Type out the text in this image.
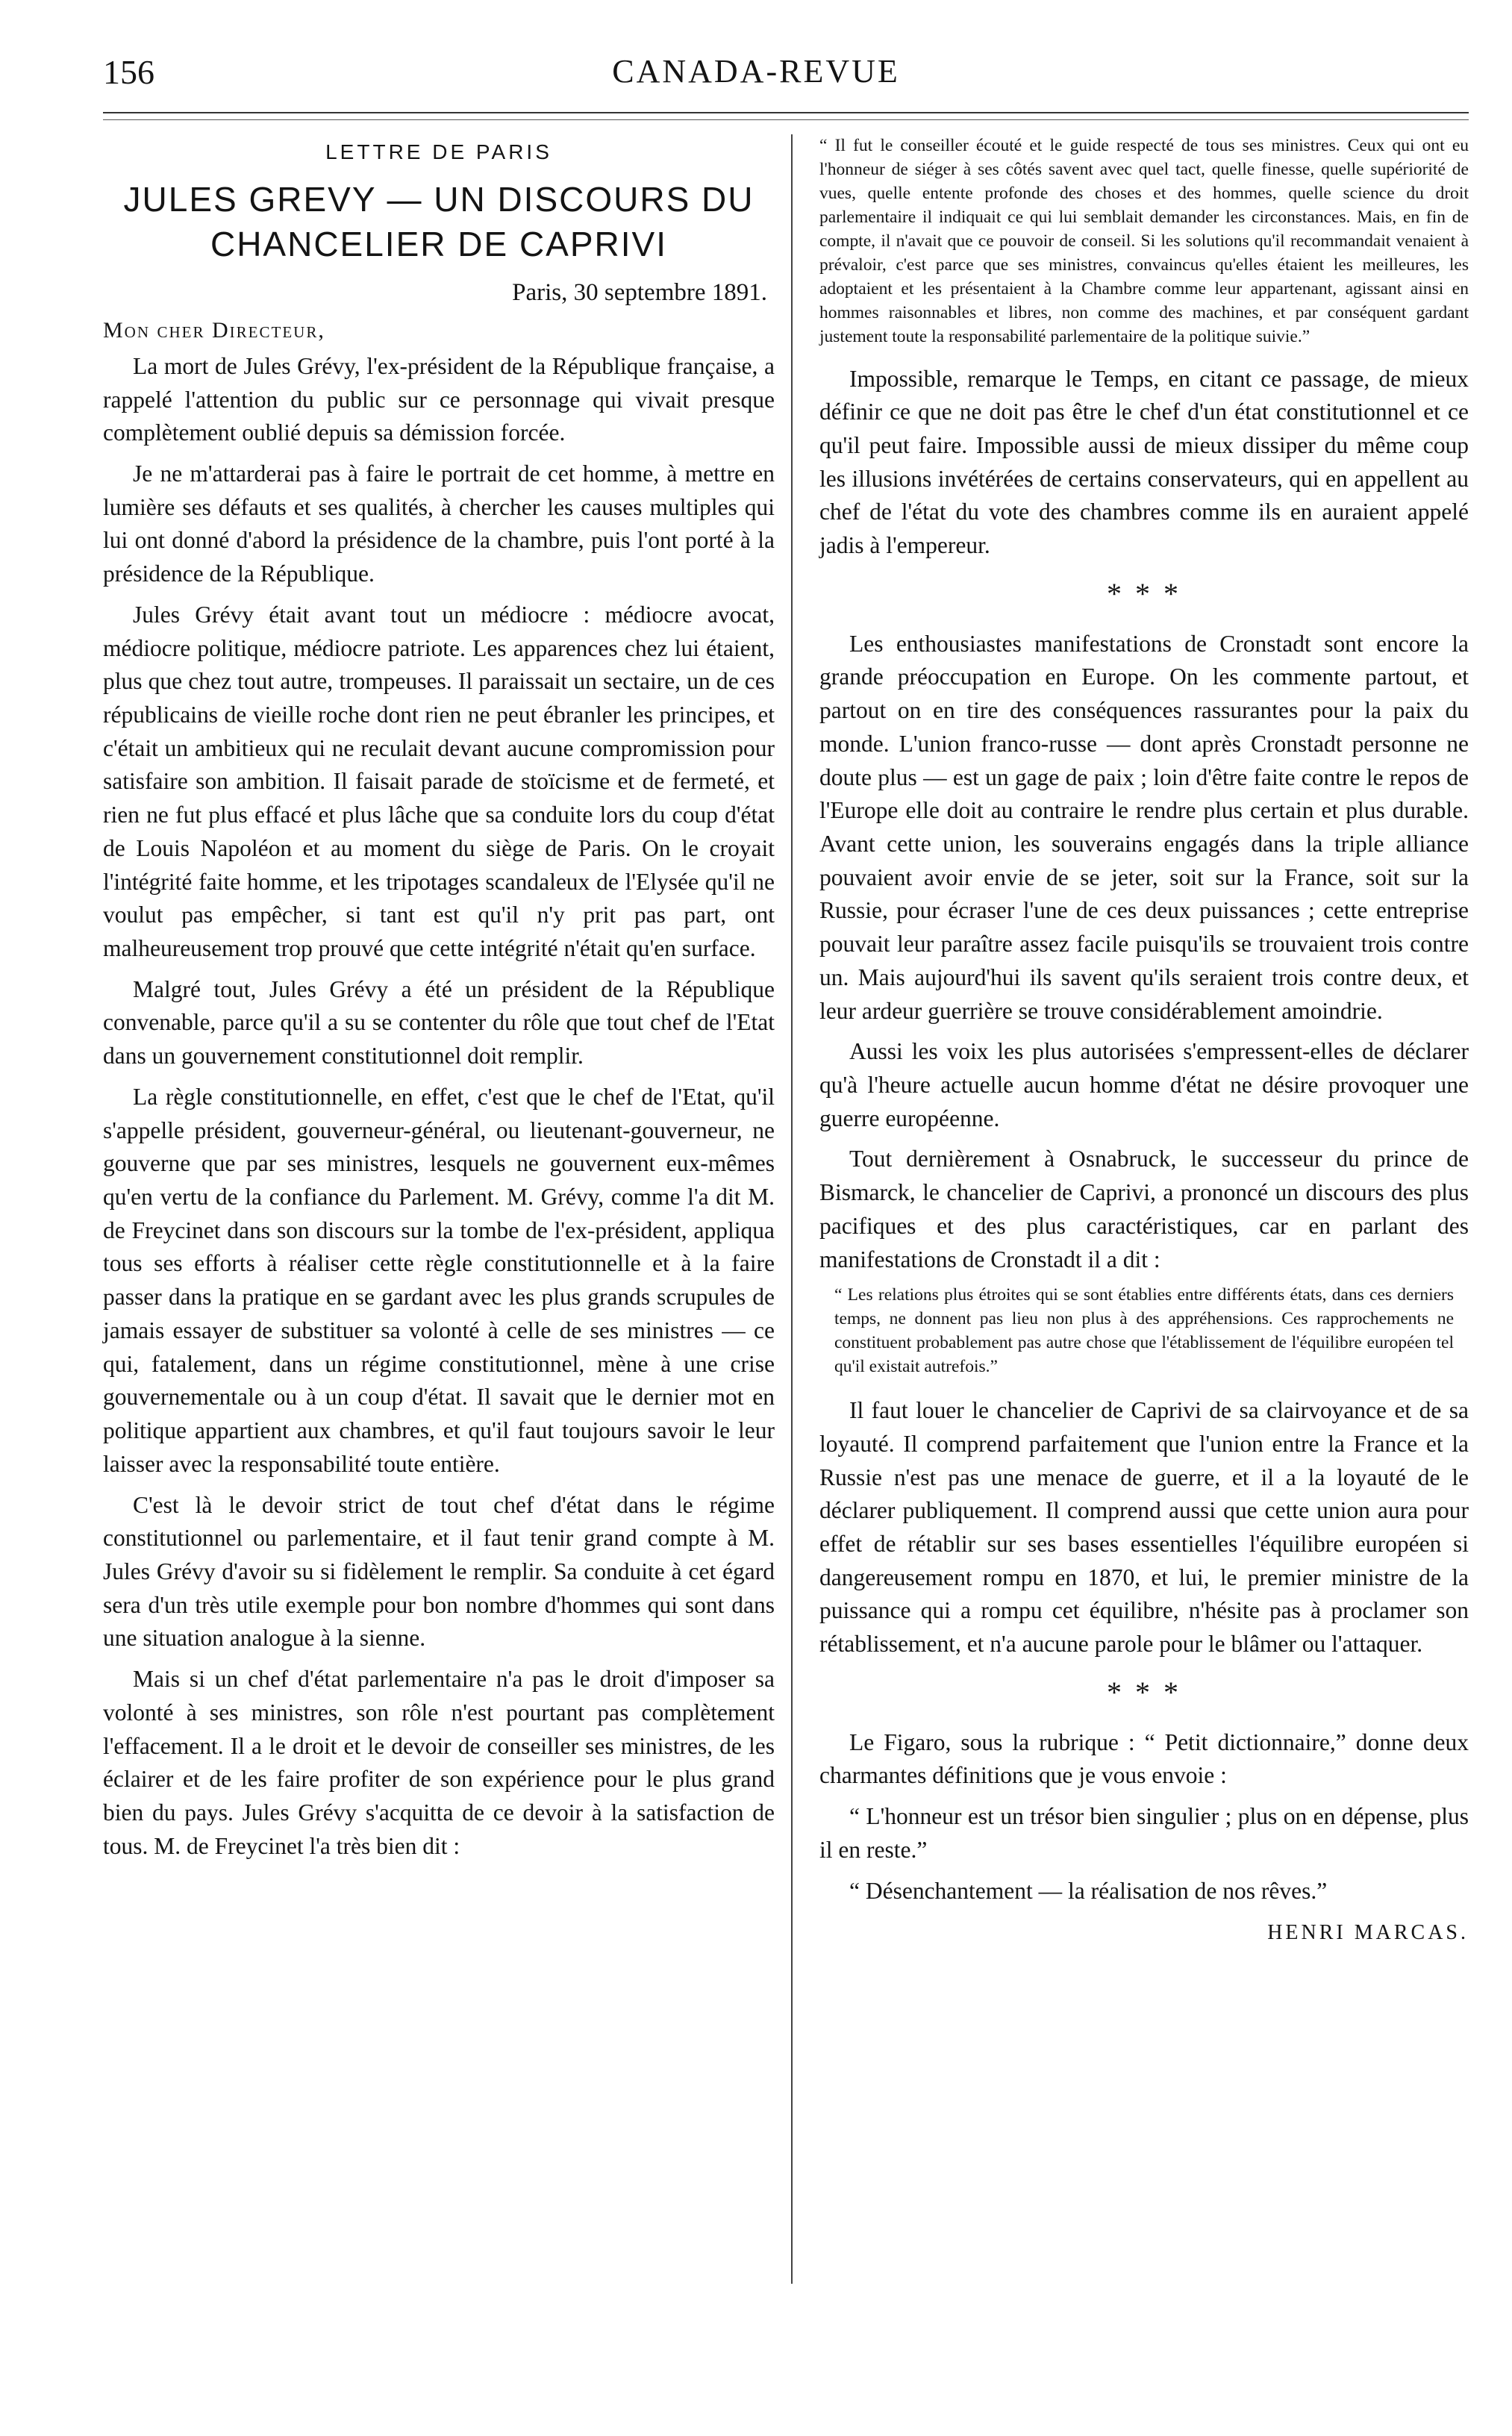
156	CANADA-REVUE
LETTRE DE PARIS
JULES GREVY — UN DISCOURS DU CHANCELIER DE CAPRIVI
Paris, 30 septembre 1891.
Mon cher Directeur,

La mort de Jules Grévy, l'ex-président de la République française, a rappelé l'attention du public sur ce personnage qui vivait presque complètement oublié depuis sa démission forcée.

Je ne m'attarderai pas à faire le portrait de cet homme, à mettre en lumière ses défauts et ses qualités, à chercher les causes multiples qui lui ont donné d'abord la présidence de la chambre, puis l'ont porté à la présidence de la République.

Jules Grévy était avant tout un médiocre : médiocre avocat, médiocre politique, médiocre patriote. Les apparences chez lui étaient, plus que chez tout autre, trompeuses. Il paraissait un sectaire, un de ces républicains de vieille roche dont rien ne peut ébranler les principes, et c'était un ambitieux qui ne reculait devant aucune compromission pour satisfaire son ambition. Il faisait parade de stoïcisme et de fermeté, et rien ne fut plus effacé et plus lâche que sa conduite lors du coup d'état de Louis Napoléon et au moment du siège de Paris. On le croyait l'intégrité faite homme, et les tripotages scandaleux de l'Elysée qu'il ne voulut pas empêcher, si tant est qu'il n'y prit pas part, ont malheureusement trop prouvé que cette intégrité n'était qu'en surface.

Malgré tout, Jules Grévy a été un président de la République convenable, parce qu'il a su se contenter du rôle que tout chef de l'Etat dans un gouvernement constitutionnel doit remplir.

La règle constitutionnelle, en effet, c'est que le chef de l'Etat, qu'il s'appelle président, gouverneur-général, ou lieutenant-gouverneur, ne gouverne que par ses ministres, lesquels ne gouvernent eux-mêmes qu'en vertu de la confiance du Parlement. M. Grévy, comme l'a dit M. de Freycinet dans son discours sur la tombe de l'ex-président, appliqua tous ses efforts à réaliser cette règle constitutionnelle et à la faire passer dans la pratique en se gardant avec les plus grands scrupules de jamais essayer de substituer sa volonté à celle de ses ministres — ce qui, fatalement, dans un régime constitutionnel, mène à une crise gouvernementale ou à un coup d'état. Il savait que le dernier mot en politique appartient aux chambres, et qu'il faut toujours savoir le leur laisser avec la responsabilité toute entière.

C'est là le devoir strict de tout chef d'état dans le régime constitutionnel ou parlementaire, et il faut tenir grand compte à M. Jules Grévy d'avoir su si fidèlement le remplir. Sa conduite à cet égard sera d'un très utile exemple pour bon nombre d'hommes qui sont dans une situation analogue à la sienne.

Mais si un chef d'état parlementaire n'a pas le droit d'imposer sa volonté à ses ministres, son rôle n'est pourtant pas complètement l'effacement. Il a le droit et le devoir de conseiller ses ministres, de les éclairer et de les faire profiter de son expérience pour le plus grand bien du pays. Jules Grévy s'acquitta de ce devoir à la satisfaction de tous. M. de Freycinet l'a très bien dit :

“ Il fut le conseiller écouté et le guide respecté de tous ses ministres. Ceux qui ont eu l'honneur de siéger à ses côtés savent avec quel tact, quelle finesse, quelle supériorité de vues, quelle entente profonde des choses et des hommes, quelle science du droit parlementaire il indiquait ce qui lui semblait demander les circonstances. Mais, en fin de compte, il n'avait que ce pouvoir de conseil. Si les solutions qu'il recommandait venaient à prévaloir, c'est parce que ses ministres, convaincus qu'elles étaient les meilleures, les adoptaient et les présentaient à la Chambre comme leur appartenant, agissant ainsi en hommes raisonnables et libres, non comme des machines, et par conséquent gardant justement toute la responsabilité parlementaire de la politique suivie.”

Impossible, remarque le Temps, en citant ce passage, de mieux définir ce que ne doit pas être le chef d'un état constitutionnel et ce qu'il peut faire. Impossible aussi de mieux dissiper du même coup les illusions invétérées de certains conservateurs, qui en appellent au chef de l'état du vote des chambres comme ils en auraient appelé jadis à l'empereur.

* * *

Les enthousiastes manifestations de Cronstadt sont encore la grande préoccupation en Europe. On les commente partout, et partout on en tire des conséquences rassurantes pour la paix du monde. L'union franco-russe — dont après Cronstadt personne ne doute plus — est un gage de paix ; loin d'être faite contre le repos de l'Europe elle doit au contraire le rendre plus certain et plus durable. Avant cette union, les souverains engagés dans la triple alliance pouvaient avoir envie de se jeter, soit sur la France, soit sur la Russie, pour écraser l'une de ces deux puissances ; cette entreprise pouvait leur paraître assez facile puisqu'ils se trouvaient trois contre un. Mais aujourd'hui ils savent qu'ils seraient trois contre deux, et leur ardeur guerrière se trouve considérablement amoindrie.

Aussi les voix les plus autorisées s'empressent-elles de déclarer qu'à l'heure actuelle aucun homme d'état ne désire provoquer une guerre européenne.

Tout dernièrement à Osnabruck, le successeur du prince de Bismarck, le chancelier de Caprivi, a prononcé un discours des plus pacifiques et des plus caractéristiques, car en parlant des manifestations de Cronstadt il a dit :

“ Les relations plus étroites qui se sont établies entre différents états, dans ces derniers temps, ne donnent pas lieu non plus à des appréhensions. Ces rapprochements ne constituent probablement pas autre chose que l'établissement de l'équilibre européen tel qu'il existait autrefois.”

Il faut louer le chancelier de Caprivi de sa clairvoyance et de sa loyauté. Il comprend parfaitement que l'union entre la France et la Russie n'est pas une menace de guerre, et il a la loyauté de le déclarer publiquement. Il comprend aussi que cette union aura pour effet de rétablir sur ses bases essentielles l'équilibre européen si dangereusement rompu en 1870, et lui, le premier ministre de la puissance qui a rompu cet équilibre, n'hésite pas à proclamer son rétablissement, et n'a aucune parole pour le blâmer ou l'attaquer.

* * *

Le Figaro, sous la rubrique : “ Petit dictionnaire,” donne deux charmantes définitions que je vous envoie :

“ L'honneur est un trésor bien singulier ; plus on en dépense, plus il en reste.”

“ Désenchantement — la réalisation de nos rêves.”

HENRI MARCAS.
